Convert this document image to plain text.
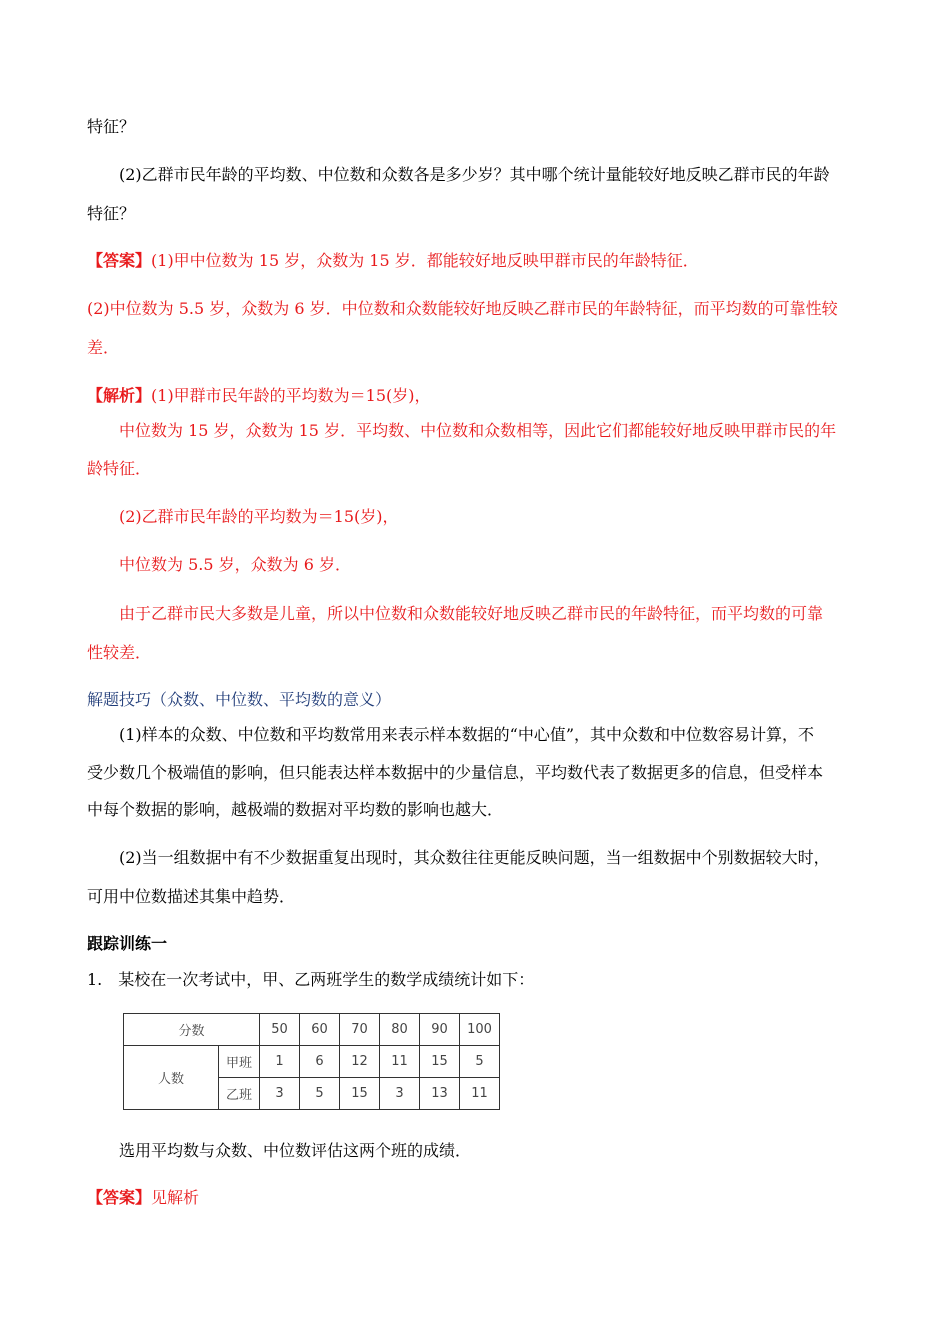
特征？
(2)乙群市民年龄的平均数、中位数和众数各是多少岁？其中哪个统计量能较好地反映乙群市民的年龄
特征？
【答案】(1)甲中位数为 15 岁，众数为 15 岁．都能较好地反映甲群市民的年龄特征．
(2)中位数为 5.5 岁，众数为 6 岁．中位数和众数能较好地反映乙群市民的年龄特征，而平均数的可靠性较
差．
【解析】(1)甲群市民年龄的平均数为＝15(岁)，
中位数为 15 岁，众数为 15 岁．平均数、中位数和众数相等，因此它们都能较好地反映甲群市民的年
龄特征．
(2)乙群市民年龄的平均数为＝15(岁)，
中位数为 5.5 岁，众数为 6 岁．
由于乙群市民大多数是儿童，所以中位数和众数能较好地反映乙群市民的年龄特征，而平均数的可靠
性较差．
解题技巧（众数、中位数、平均数的意义）
(1)样本的众数、中位数和平均数常用来表示样本数据的“中心值”，其中众数和中位数容易计算，不
受少数几个极端值的影响，但只能表达样本数据中的少量信息，平均数代表了数据更多的信息，但受样本
中每个数据的影响，越极端的数据对平均数的影响也越大．
(2)当一组数据中有不少数据重复出现时，其众数往往更能反映问题，当一组数据中个别数据较大时，
可用中位数描述其集中趋势．
跟踪训练一
1. 某校在一次考试中，甲、乙两班学生的数学成绩统计如下：
分数		50	60	70	80	90	100
人数	甲班	1	6	12	11	15	5
	乙班	3	5	15	3	13	11
选用平均数与众数、中位数评估这两个班的成绩．
【答案】见解析
